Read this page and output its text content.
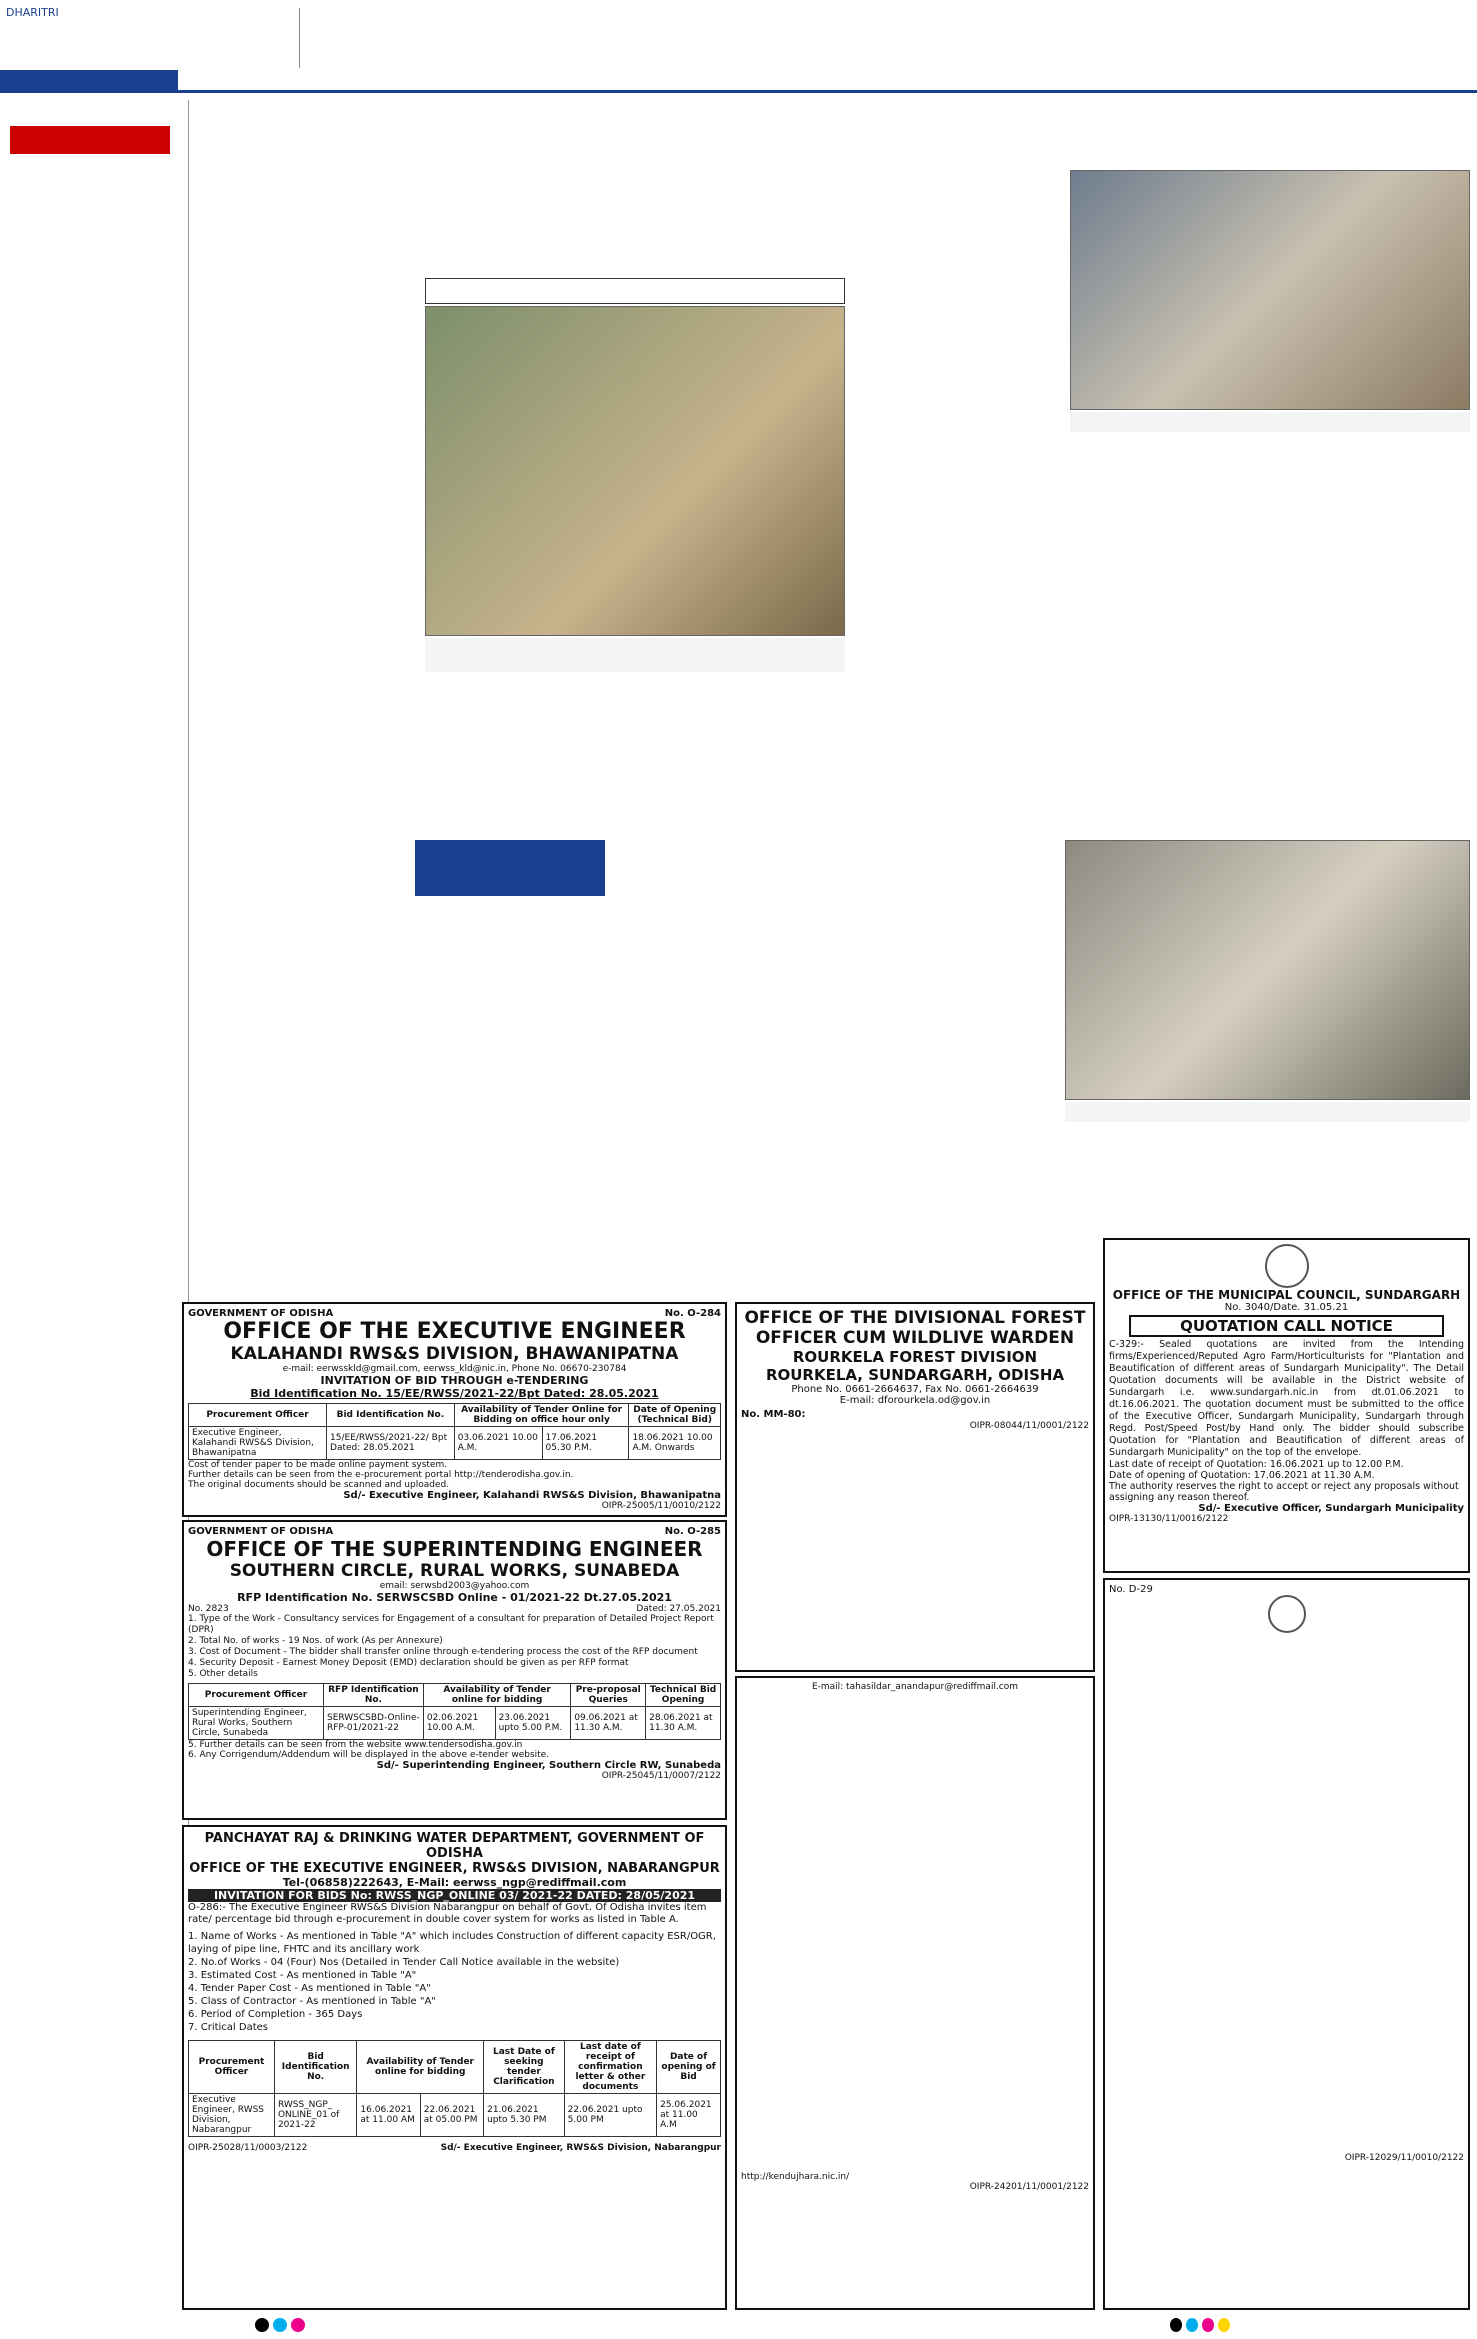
DHARITRI
GOVERNMENT OF ODISHA	No. O-284
OFFICE OF THE EXECUTIVE ENGINEER
KALAHANDI RWS&S DIVISION, BHAWANIPATNA
e-mail: eerwsskld@gmail.com, eerwss_kld@nic.in, Phone No. 06670-230784
INVITATION OF BID THROUGH e-TENDERING
Bid Identification No. 15/EE/RWSS/2021-22/Bpt Dated: 28.05.2021
Procurement Officer	Bid Identification No.	Availability of Tender Online for Bidding on office hour only		Date of Opening (Technical Bid)
Executive Engineer, Kalahandi RWS&S Division, Bhawanipatna	15/EE/RWSS/2021-22/ Bpt Dated: 28.05.2021	03.06.2021 10.00 A.M.	17.06.2021 05.30 P.M.	18.06.2021 10.00 A.M. Onwards
Cost of tender paper to be made online payment system.
Further details can be seen from the e-procurement portal http://tenderodisha.gov.in.
The original documents should be scanned and uploaded.
Sd/- Executive Engineer, Kalahandi RWS&S Division, Bhawanipatna
OIPR-25005/11/0010/2122
GOVERNMENT OF ODISHA	No. O-285
OFFICE OF THE SUPERINTENDING ENGINEER
SOUTHERN CIRCLE, RURAL WORKS, SUNABEDA
email: serwsbd2003@yahoo.com
RFP Identification No. SERWSCSBD Online - 01/2021-22 Dt.27.05.2021
No. 2823	Dated: 27.05.2021
1. Type of the Work - Consultancy services for Engagement of a consultant for preparation of Detailed Project Report (DPR)
2. Total No. of works - 19 Nos. of work (As per Annexure)
3. Cost of Document - The bidder shall transfer online through e-tendering process the cost of the RFP document
4. Security Deposit - Earnest Money Deposit (EMD) declaration should be given as per RFP format
5. Other details
Procurement Officer	RFP Identification No.	Availability of Tender online for bidding		Pre-proposal Queries	Technical Bid Opening
Superintending Engineer, Rural Works, Southern Circle, Sunabeda	SERWSCSBD-Online-RFP-01/2021-22	02.06.2021 10.00 A.M.	23.06.2021 upto 5.00 P.M.	09.06.2021 at 11.30 A.M.	28.06.2021 at 11.30 A.M.
5. Further details can be seen from the website www.tendersodisha.gov.in
6. Any Corrigendum/Addendum will be displayed in the above e-tender website.
Sd/- Superintending Engineer, Southern Circle RW, Sunabeda
OIPR-25045/11/0007/2122
PANCHAYAT RAJ & DRINKING WATER DEPARTMENT, GOVERNMENT OF ODISHA
OFFICE OF THE EXECUTIVE ENGINEER, RWS&S DIVISION, NABARANGPUR
Tel-(06858)222643, E-Mail: eerwss_ngp@rediffmail.com
INVITATION FOR BIDS No: RWSS_NGP_ONLINE 03/ 2021-22 DATED: 28/05/2021
O-286:- The Executive Engineer RWS&S Division Nabarangpur on behalf of Govt. Of Odisha invites item rate/ percentage bid through e-procurement in double cover system for works as listed in Table A.
1. Name of Works - As mentioned in Table "A" which includes Construction of different capacity ESR/OGR, laying of pipe line, FHTC and its ancillary work
2. No.of Works - 04 (Four) Nos (Detailed in Tender Call Notice available in the website)
3. Estimated Cost - As mentioned in Table "A"
4. Tender Paper Cost - As mentioned in Table "A"
5. Class of Contractor - As mentioned in Table "A"
6. Period of Completion - 365 Days
7. Critical Dates
Procurement Officer	Bid Identification No.	Availability of Tender online for bidding		Last Date of seeking tender Clarification	Last date of receipt of confirmation letter & other documents	Date of opening of Bid
Executive Engineer, RWSS Division, Nabarangpur	RWSS_NGP_ ONLINE_01 of 2021-22	16.06.2021 at 11.00 AM	22.06.2021 at 05.00 PM	21.06.2021 upto 5.30 PM	22.06.2021 upto 5.00 PM	25.06.2021 at 11.00 A.M
OIPR-25028/11/0003/2122	Sd/- Executive Engineer, RWS&S Division, Nabarangpur
OFFICE OF THE DIVISIONAL FOREST
OFFICER CUM WILDLIVE WARDEN
ROURKELA FOREST DIVISION
ROURKELA, SUNDARGARH, ODISHA
Phone No. 0661-2664637, Fax No. 0661-2664639
E-mail: dforourkela.od@gov.in
No. MM-80:
OIPR-08044/11/0001/2122
E-mail: tahasildar_anandapur@rediffmail.com
http://kendujhara.nic.in/
OIPR-24201/11/0001/2122
OFFICE OF THE MUNICIPAL COUNCIL, SUNDARGARH
No. 3040/Date. 31.05.21
QUOTATION CALL NOTICE
C-329:- Sealed quotations are invited from the Intending firms/Experienced/Reputed Agro Farm/Horticulturists for "Plantation and Beautification of different areas of Sundargarh Municipality". The Detail Quotation documents will be available in the District website of Sundargarh i.e. www.sundargarh.nic.in from dt.01.06.2021 to dt.16.06.2021. The quotation document must be submitted to the office of the Executive Officer, Sundargarh Municipality, Sundargarh through Regd. Post/Speed Post/by Hand only. The bidder should subscribe Quotation for "Plantation and Beautification of different areas of Sundargarh Municipality" on the top of the envelope.
Last date of receipt of Quotation: 16.06.2021 up to 12.00 P.M.
Date of opening of Quotation: 17.06.2021 at 11.30 A.M.
The authority reserves the right to accept or reject any proposals without assigning any reason thereof.
Sd/- Executive Officer, Sundargarh Municipality
OIPR-13130/11/0016/2122
No. D-29
OIPR-12029/11/0010/2122
